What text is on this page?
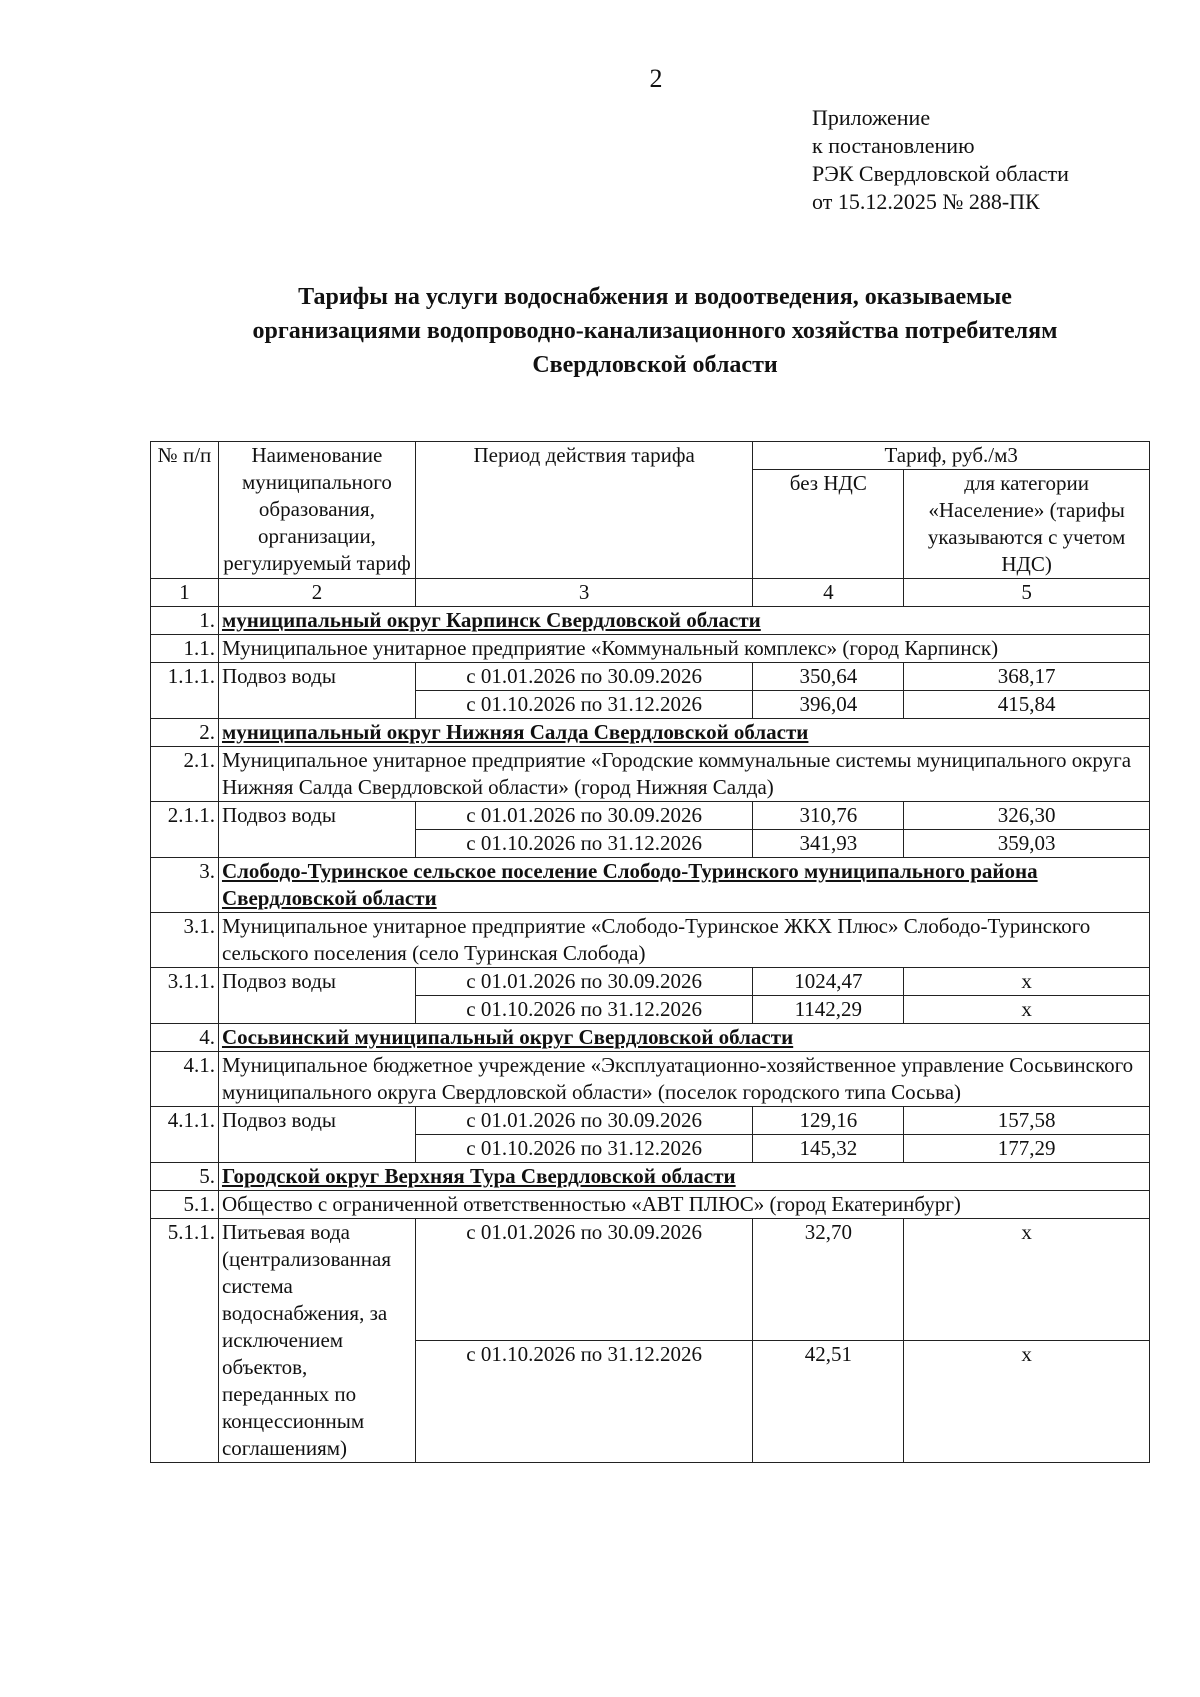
2
Приложение
к постановлению
РЭК Свердловской области
от 15.12.2025 № 288-ПК
Тарифы на услуги водоснабжения и водоотведения, оказываемые
организациями водопроводно-канализационного хозяйства потребителям
Свердловской области
№ п/п	Наименование муниципального образования, организации, регулируемый тариф	Период действия тарифа	Тариф, руб./м3	
			без НДС	для категории «Население» (тарифы указываются с учетом НДС)
1	2	3	4	5
1.	муниципальный округ Карпинск Свердловской области			
1.1.	Муниципальное унитарное предприятие «Коммунальный комплекс» (город Карпинск)			
1.1.1.	Подвоз воды	с 01.01.2026 по 30.09.2026	350,64	368,17
		с 01.10.2026 по 31.12.2026	396,04	415,84
2.	муниципальный округ Нижняя Салда Свердловской области			
2.1.	Муниципальное унитарное предприятие «Городские коммунальные системы муниципального округа Нижняя Салда Свердловской области» (город Нижняя Салда)			
2.1.1.	Подвоз воды	с 01.01.2026 по 30.09.2026	310,76	326,30
		с 01.10.2026 по 31.12.2026	341,93	359,03
3.	Слободо-Туринское сельское поселение Слободо-Туринского муниципального района Свердловской области			
3.1.	Муниципальное унитарное предприятие «Слободо-Туринское ЖКХ Плюс» Слободо-Туринского сельского поселения (село Туринская Слобода)			
3.1.1.	Подвоз воды	с 01.01.2026 по 30.09.2026	1024,47	х
		с 01.10.2026 по 31.12.2026	1142,29	х
4.	Сосьвинский муниципальный округ Свердловской области			
4.1.	Муниципальное бюджетное учреждение «Эксплуатационно-хозяйственное управление Сосьвинского муниципального округа Свердловской области» (поселок городского типа Сосьва)			
4.1.1.	Подвоз воды	с 01.01.2026 по 30.09.2026	129,16	157,58
		с 01.10.2026 по 31.12.2026	145,32	177,29
5.	Городской округ Верхняя Тура Свердловской области			
5.1.	Общество с ограниченной ответственностью «АВТ ПЛЮС» (город Екатеринбург)			
5.1.1.	Питьевая вода (централизованная система водоснабжения, за исключением объектов, переданных по концессионным соглашениям)	с 01.01.2026 по 30.09.2026	32,70	х
		с 01.10.2026 по 31.12.2026	42,51	х
